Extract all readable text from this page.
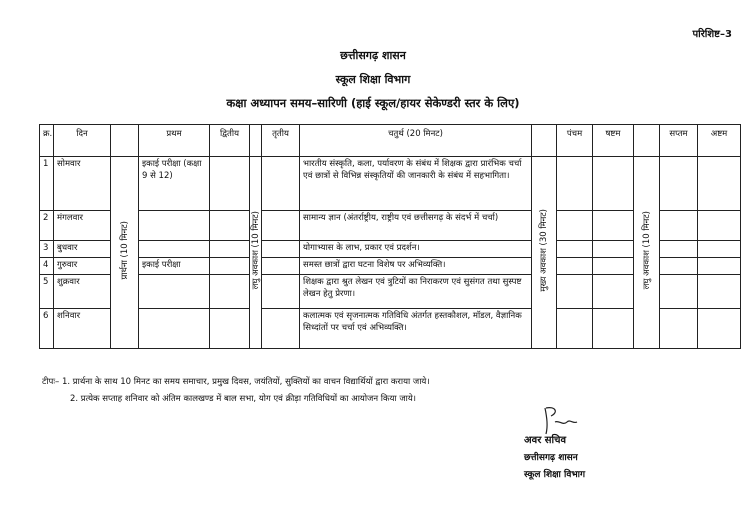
परिशिष्ट–3
छत्तीसगढ़ शासन
स्कूल शिक्षा विभाग
कक्षा अध्यापन समय–सारिणी (हाई स्कूल/हायर सेकेण्डरी स्तर के लिए)
क्र.	दिन		प्रथम	द्वितीय		तृतीय	चतुर्थ (20 मिनट)		पंचम	षष्टम		सप्तम	अष्टम
1	सोमवार	प्रार्थना (10 मिनट)	इकाई परीक्षा (कक्षा 9 से 12)		लघु अवकाश (10 मिनट)		भारतीय संस्कृति, कला, पर्यावरण के संबंध में शिक्षक द्वारा प्रारंभिक चर्चा एवं छात्रों से विभिन्न संस्कृतियों की जानकारी के संबंध में सहभागिता।	मुख्य अवकाश (30 मिनट)			लघु अवकाश (10 मिनट)		
2	मंगलवार						सामान्य ज्ञान (अंतर्राष्ट्रीय, राष्ट्रीय एवं छत्तीसगढ़ के संदर्भ में चर्चा)						
3	बुधवार						योगाभ्यास के लाभ, प्रकार एवं प्रदर्शन।						
4	गुरुवार		इकाई परीक्षा				समस्त छात्रों द्वारा घटना विशेष पर अभिव्यक्ति।						
5	शुक्रवार						शिक्षक द्वारा श्रुत लेखन एवं त्रुटियों का निराकरण एवं सुसंगत तथा सुस्पष्ट लेखन हेतु प्रेरणा।						
6	शनिवार						कलात्मक एवं सृजनात्मक गतिविधि अंतर्गत हस्तकौशल, मॉडल, वैज्ञानिक सिध्दांतों पर चर्चा एवं अभिव्यक्ति।						
टीपः– 1. प्रार्थना के साथ 10 मिनट का समय समाचार, प्रमुख दिवस, जयंतियों, सुक्तियों का वाचन विद्यार्थियों द्वारा कराया जाये।
2. प्रत्येक सप्ताह शनिवार को अंतिम कालखण्ड में बाल सभा, योग एवं क्रीड़ा गतिविधियों का आयोजन किया जाये।
अवर सचिव
छत्तीसगढ़ शासन
स्कूल शिक्षा विभाग
